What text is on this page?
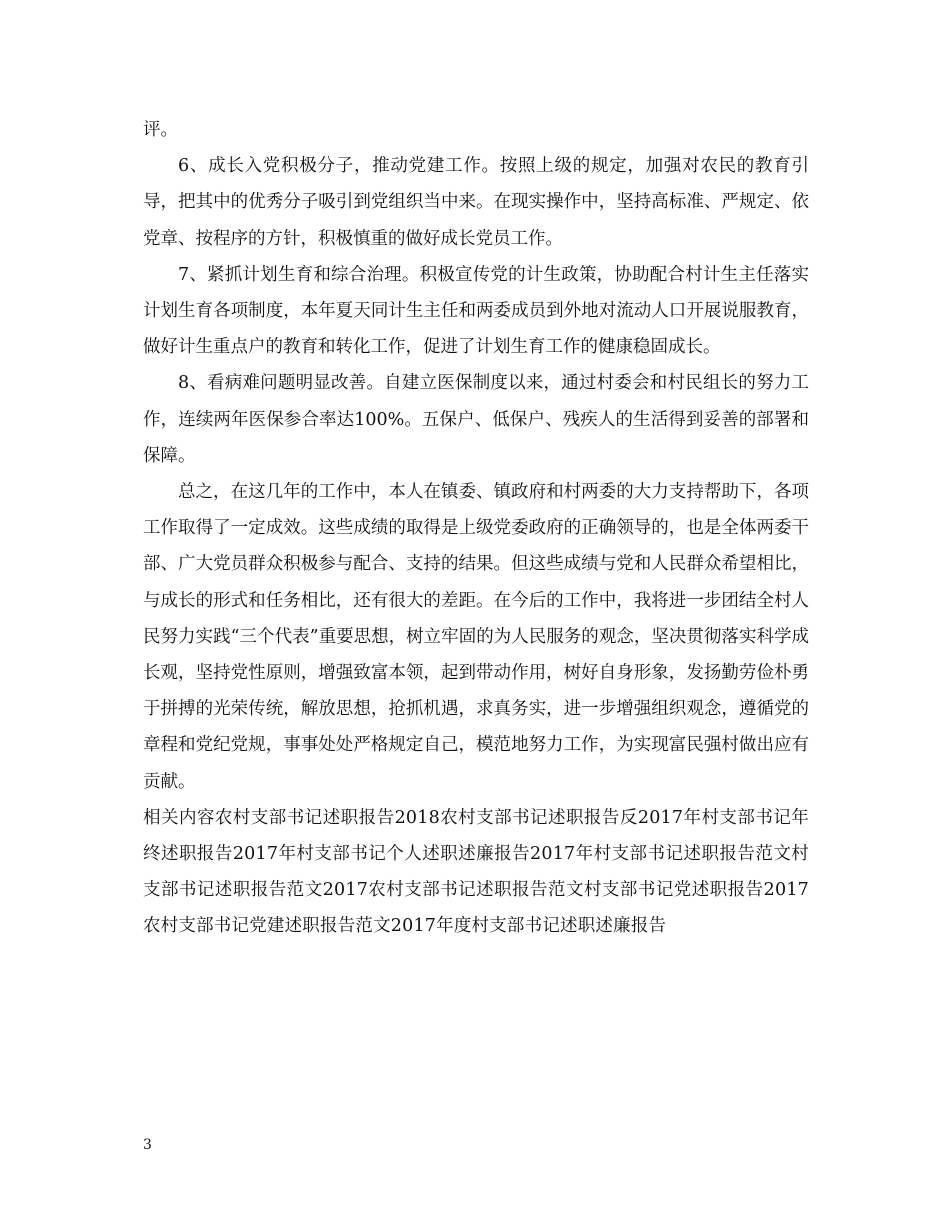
评。

6、成长入党积极分子，推动党建工作。按照上级的规定，加强对农民的教育引导，把其中的优秀分子吸引到党组织当中来。在现实操作中，坚持高标准、严规定、依党章、按程序的方针，积极慎重的做好成长党员工作。

7、紧抓计划生育和综合治理。积极宣传党的计生政策，协助配合村计生主任落实计划生育各项制度，本年夏天同计生主任和两委成员到外地对流动人口开展说服教育，做好计生重点户的教育和转化工作，促进了计划生育工作的健康稳固成长。

8、看病难问题明显改善。自建立医保制度以来，通过村委会和村民组长的努力工作，连续两年医保参合率达100%。五保户、低保户、残疾人的生活得到妥善的部署和保障。

总之，在这几年的工作中，本人在镇委、镇政府和村两委的大力支持帮助下，各项工作取得了一定成效。这些成绩的取得是上级党委政府的正确领导的，也是全体两委干部、广大党员群众积极参与配合、支持的结果。但这些成绩与党和人民群众希望相比，与成长的形式和任务相比，还有很大的差距。在今后的工作中，我将进一步团结全村人民努力实践“三个代表”重要思想，树立牢固的为人民服务的观念，坚决贯彻落实科学成长观，坚持党性原则，增强致富本领，起到带动作用，树好自身形象，发扬勤劳俭朴勇于拼搏的光荣传统，解放思想，抢抓机遇，求真务实，进一步增强组织观念，遵循党的章程和党纪党规，事事处处严格规定自己，模范地努力工作，为实现富民强村做出应有贡献。

相关内容农村支部书记述职报告2018农村支部书记述职报告反2017年村支部书记年终述职报告2017年村支部书记个人述职述廉报告2017年村支部书记述职报告范文村支部书记述职报告范文2017农村支部书记述职报告范文村支部书记党述职报告2017农村支部书记党建述职报告范文2017年度村支部书记述职述廉报告

3
